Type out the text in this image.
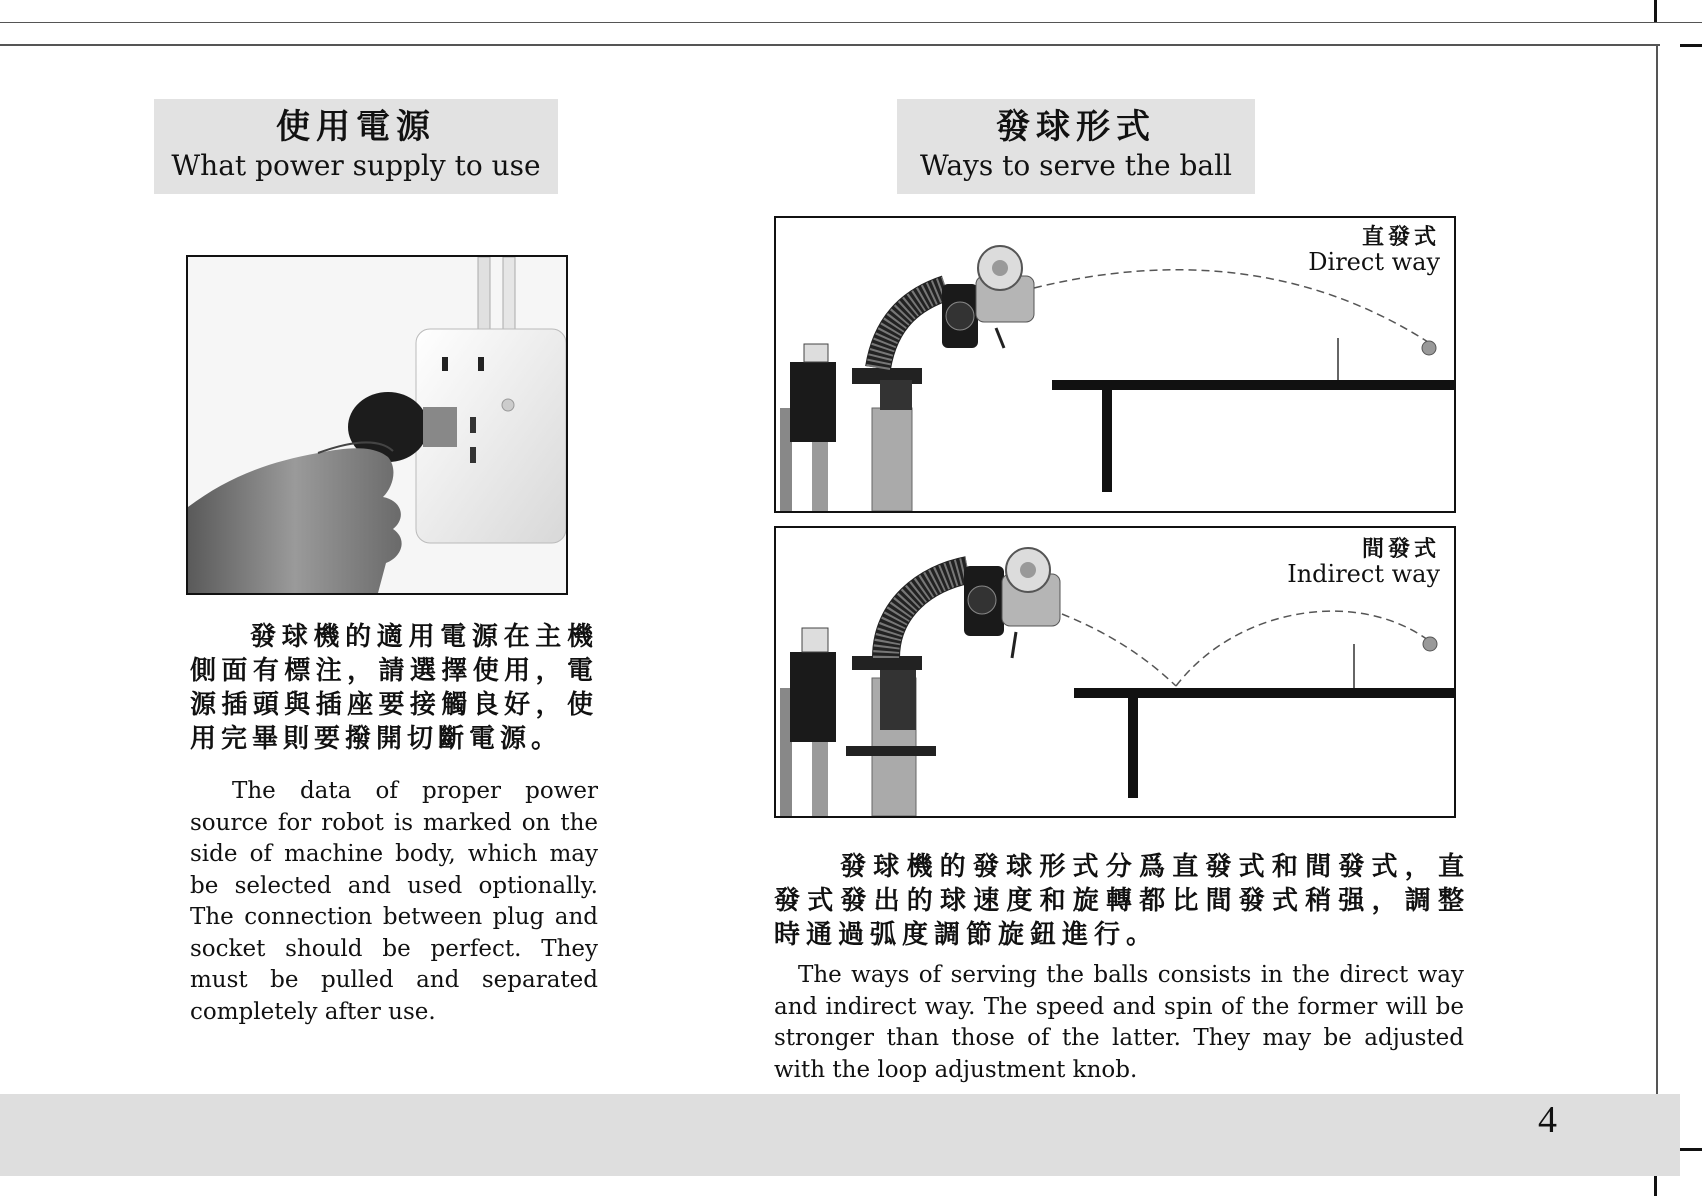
使用電源
What power supply to use
發球機的適用電源在主機側面有標注，請選擇使用，電源插頭與插座要接觸良好，使用完畢則要撥開切斷電源。
The data of proper power source for robot is marked on the side of machine body, which may be selected and used optionally. The connection between plug and socket should be perfect. They must be pulled and separated completely after use.
發球形式
Ways to serve the ball
直發式
Direct way
間發式
Indirect way
發球機的發球形式分爲直發式和間發式，直發式發出的球速度和旋轉都比間發式稍强，調整時通過弧度調節旋鈕進行。
The ways of serving the balls consists in the direct way and indirect way. The speed and spin of the former will be stronger than those of the latter. They may be adjusted with the loop adjustment knob.
4
